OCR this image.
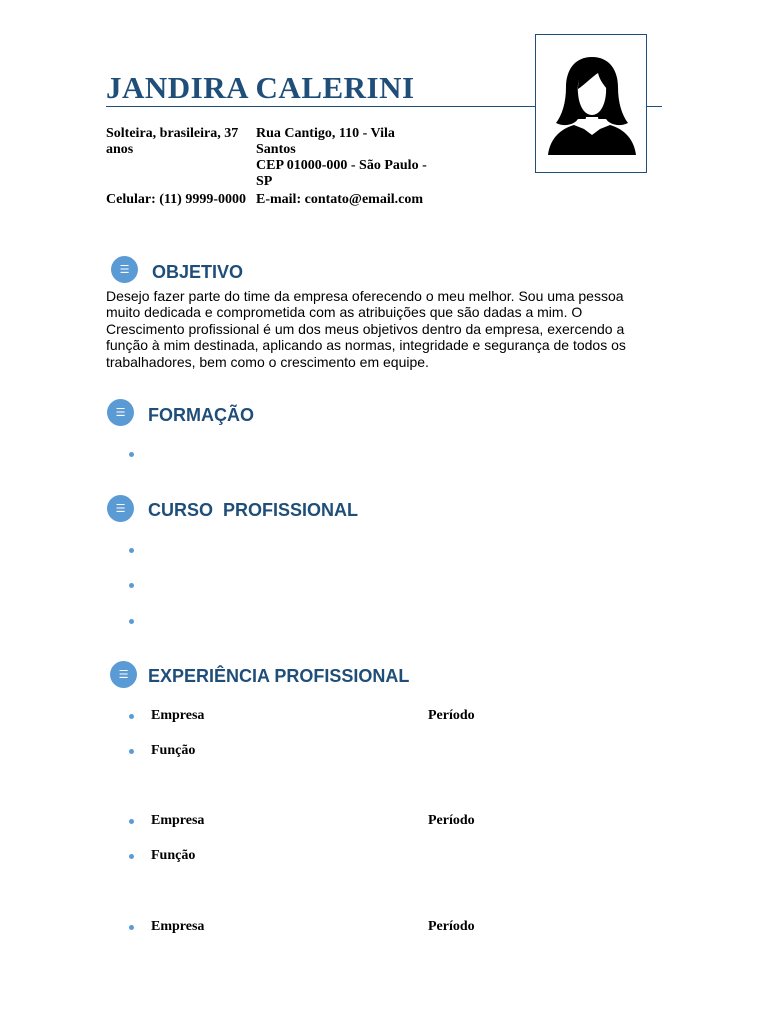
JANDIRA CALERINI

Solteira, brasileira, 37 anos

Rua Cantigo, 110 - Vila Santos
CEP 01000-000 - São Paulo - SP

Celular: (11) 9999-0000 E-mail: contato@email.com

☰	OBJETIVO

Desejo fazer parte do time da empresa oferecendo o meu melhor. Sou uma pessoa muito dedicada e comprometida com as atribuições que são dadas a mim. O Crescimento profissional é um dos meus objetivos dentro da empresa, exercendo a função à mim destinada, aplicando as normas, integridade e segurança de todos os trabalhadores, bem como o crescimento em equipe.

☰	FORMAÇÃO
☰	CURSO  PROFISSIONAL
☰	EXPERIÊNCIA PROFISSIONAL

Empresa	Período

Função

Empresa	Período

Função

Empresa	Período
